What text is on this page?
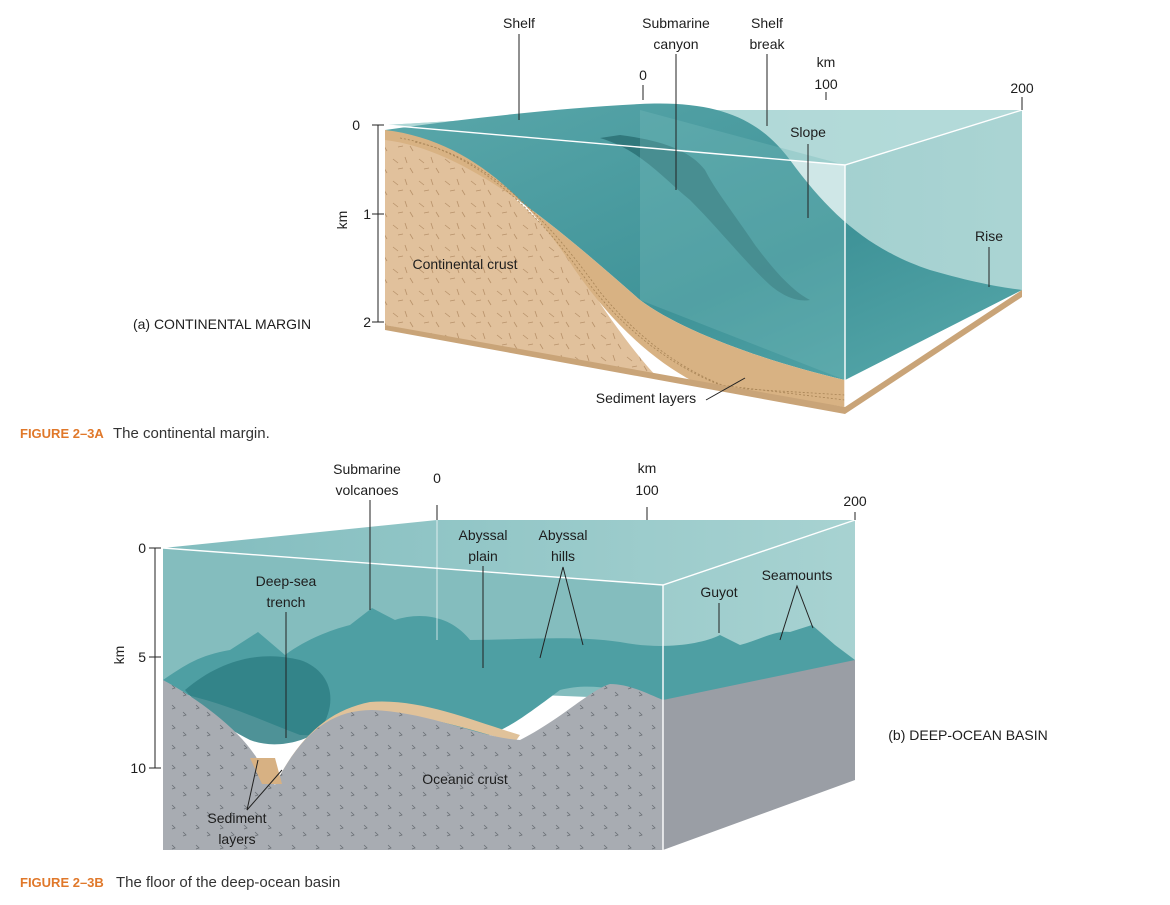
0
1
2
km
0
km
100	200
Shelf	Submarine
canyon
Shelf
break
Slope
Rise
Continental crust
Sediment layers
(a) CONTINENTAL MARGIN
FIGURE 2–3A The continental margin.
0
5
10
km
0
km
100
200
Submarine
volcanoes
Deep-sea
trench
Abyssal
plain
Abyssal
hills
Guyot
Seamounts
Oceanic crust
Sediment
layers
(b) DEEP-OCEAN BASIN
FIGURE 2–3B The floor of the deep-ocean basin
